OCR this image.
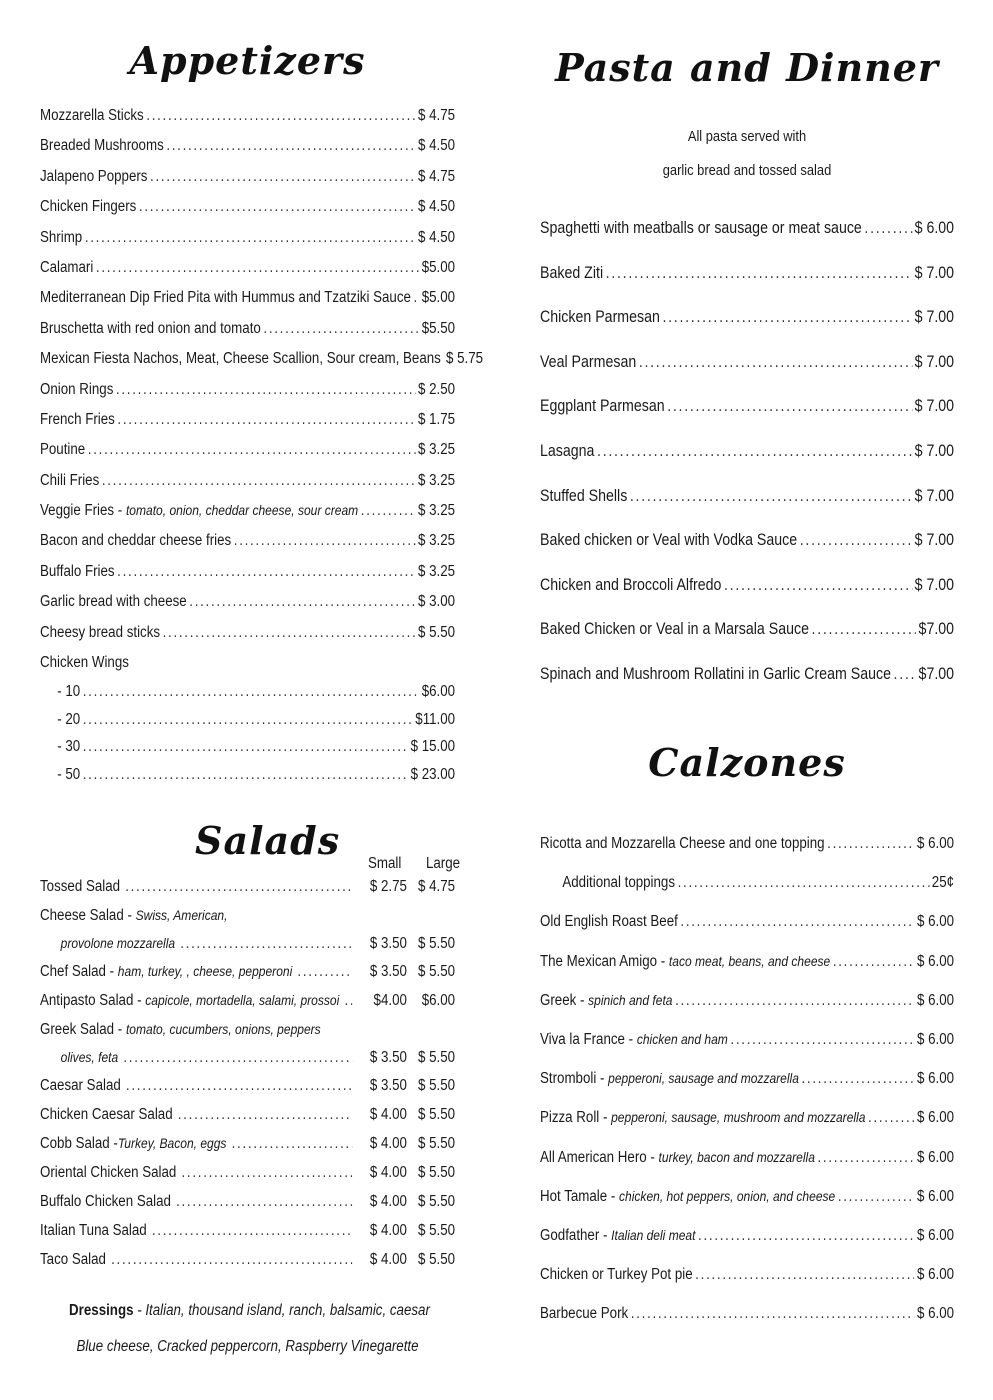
Appetizers
Mozzarella Sticks .....	$ 4.75
Breaded Mushrooms .....	$ 4.50
Jalapeno Poppers .....	$ 4.75
Chicken Fingers .....	$ 4.50
Shrimp .....	$ 4.50
Calamari .....	$5.00
Mediterranean Dip Fried Pita with Hummus and Tzatziki Sauce ..... $5.00
Bruschetta with red onion and tomato .....	$5.50
Mexican Fiesta Nachos, Meat, Cheese Scallion, Sour cream, Beans $ 5.75
Onion Rings .....	$ 2.50
French Fries .....	$ 1.75
Poutine .....	$ 3.25
Chili Fries .....	$ 3.25
Veggie Fries - tomato, onion, cheddar cheese, sour cream .....	$ 3.25
Bacon and cheddar cheese fries .....	$ 3.25
Buffalo Fries .....	$ 3.25
Garlic bread with cheese .....	$ 3.00
Cheesy bread sticks .....	$ 5.50
Chicken Wings
- 10 .....	$6.00
- 20 .....	$11.00
- 30 .....	$ 15.00
- 50 .....	$ 23.00
Salads
Small Large
Tossed Salad .....	$ 2.75 $ 4.75
Cheese Salad - Swiss, American,
provolone mozzarella .....	$ 3.50 $ 5.50
Chef Salad - ham, turkey, , cheese, pepperoni .....	$ 3.50 $ 5.50
Antipasto Salad - capicole, mortadella, salami, prossoi .....	$4.00 $6.00
Greek Salad - tomato, cucumbers, onions, peppers
olives, feta .....	$ 3.50 $ 5.50
Caesar Salad .....	$ 3.50 $ 5.50
Chicken Caesar Salad .....	$ 4.00 $ 5.50
Cobb Salad -Turkey, Bacon, eggs .....	$ 4.00 $ 5.50
Oriental Chicken Salad .....	$ 4.00 $ 5.50
Buffalo Chicken Salad .....	$ 4.00 $ 5.50
Italian Tuna Salad .....	$ 4.00 $ 5.50
Taco Salad .....	$ 4.00 $ 5.50
Dressings - Italian, thousand island, ranch, balsamic, caesar
Blue cheese, Cracked peppercorn, Raspberry Vinegarette
Pasta and Dinner
All pasta served with
garlic bread and tossed salad
Spaghetti with meatballs or sausage or meat sauce .....	$ 6.00
Baked Ziti .....	$ 7.00
Chicken Parmesan .....	$ 7.00
Veal Parmesan .....	$ 7.00
Eggplant Parmesan .....	$ 7.00
Lasagna .....	$ 7.00
Stuffed Shells .....	$ 7.00
Baked chicken or Veal with Vodka Sauce .....	$ 7.00
Chicken and Broccoli Alfredo .....	$ 7.00
Baked Chicken or Veal in a Marsala Sauce .....	$7.00
Spinach and Mushroom Rollatini in Garlic Cream Sauce ..... $7.00
Calzones
Ricotta and Mozzarella Cheese and one topping .....	$ 6.00
Additional toppings .....	25¢
Old English Roast Beef .....	$ 6.00
The Mexican Amigo - taco meat, beans, and cheese .....	$ 6.00
Greek - spinich and feta .....	$ 6.00
Viva la France - chicken and ham .....	$ 6.00
Stromboli - pepperoni, sausage and mozzarella .....	$ 6.00
Pizza Roll - pepperoni, sausage, mushroom and mozzarella .....	$ 6.00
All American Hero - turkey, bacon and mozzarella .....	$ 6.00
Hot Tamale - chicken, hot peppers, onion, and cheese .....	$ 6.00
Godfather - Italian deli meat .....	$ 6.00
Chicken or Turkey Pot pie .....	$ 6.00
Barbecue Pork .....	$ 6.00
